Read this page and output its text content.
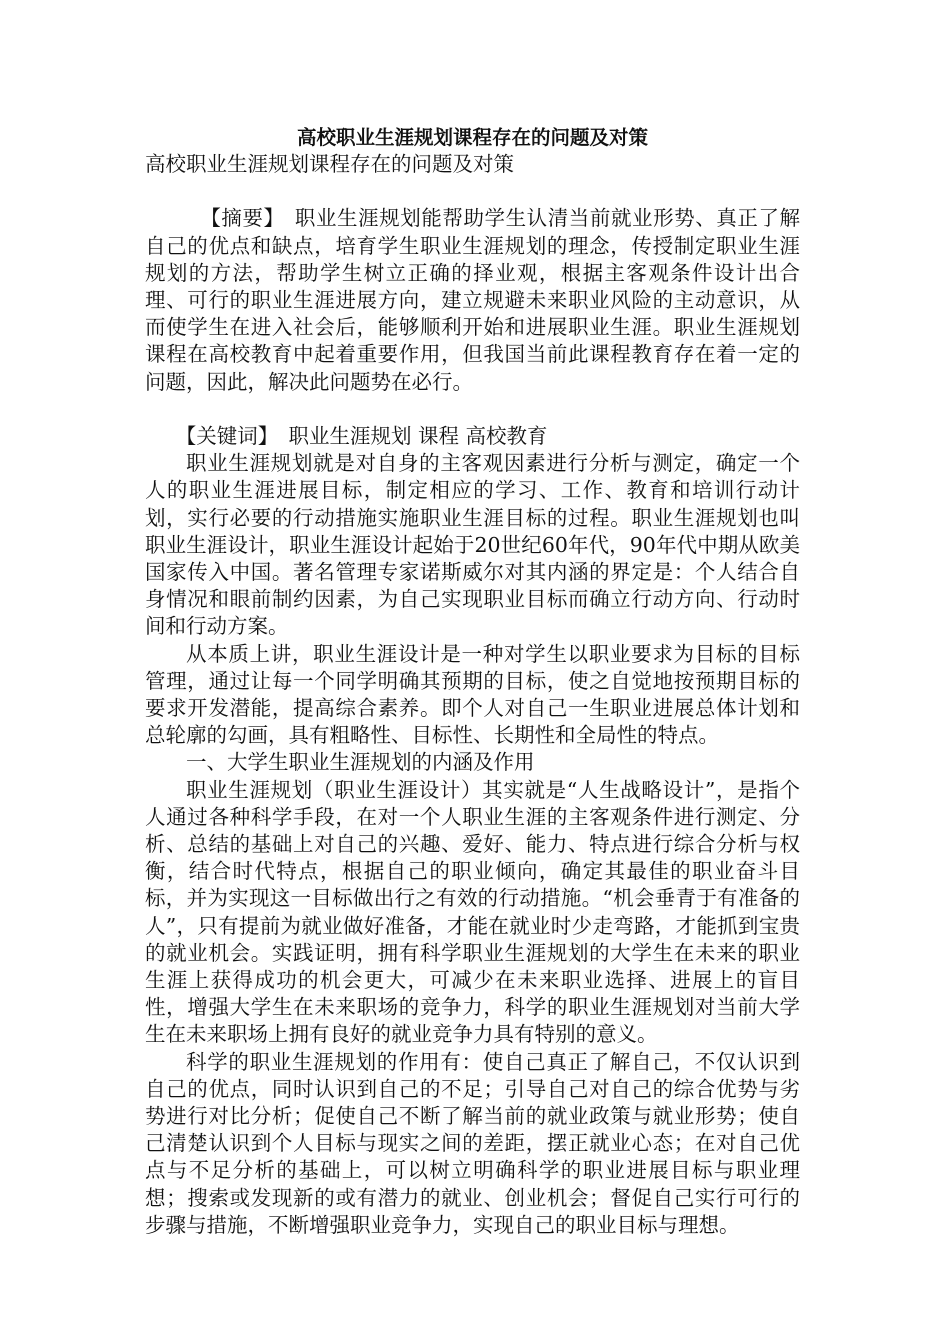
高校职业生涯规划课程存在的问题及对策

高校职业生涯规划课程存在的问题及对策

【摘要】 职业生涯规划能帮助学生认清当前就业形势、真正了解自己的优点和缺点，培育学生职业生涯规划的理念，传授制定职业生涯规划的方法，帮助学生树立正确的择业观，根据主客观条件设计出合理、可行的职业生涯进展方向，建立规避未来职业风险的主动意识，从而使学生在进入社会后，能够顺利开始和进展职业生涯。职业生涯规划课程在高校教育中起着重要作用，但我国当前此课程教育存在着一定的问题，因此，解决此问题势在必行。

【关键词】 职业生涯规划 课程 高校教育

职业生涯规划就是对自身的主客观因素进行分析与测定，确定一个人的职业生涯进展目标，制定相应的学习、工作、教育和培训行动计划，实行必要的行动措施实施职业生涯目标的过程。职业生涯规划也叫职业生涯设计，职业生涯设计起始于20世纪60年代，90年代中期从欧美国家传入中国。著名管理专家诺斯威尔对其内涵的界定是：个人结合自身情况和眼前制约因素，为自己实现职业目标而确立行动方向、行动时间和行动方案。

从本质上讲，职业生涯设计是一种对学生以职业要求为目标的目标管理，通过让每一个同学明确其预期的目标，使之自觉地按预期目标的要求开发潜能，提高综合素养。即个人对自己一生职业进展总体计划和总轮廓的勾画，具有粗略性、目标性、长期性和全局性的特点。

一、大学生职业生涯规划的内涵及作用

职业生涯规划（职业生涯设计）其实就是“人生战略设计”，是指个人通过各种科学手段，在对一个人职业生涯的主客观条件进行测定、分析、总结的基础上对自己的兴趣、爱好、能力、特点进行综合分析与权衡，结合时代特点，根据自己的职业倾向，确定其最佳的职业奋斗目标，并为实现这一目标做出行之有效的行动措施。“机会垂青于有准备的人”，只有提前为就业做好准备，才能在就业时少走弯路，才能抓到宝贵的就业机会。实践证明，拥有科学职业生涯规划的大学生在未来的职业生涯上获得成功的机会更大，可减少在未来职业选择、进展上的盲目性，增强大学生在未来职场的竞争力，科学的职业生涯规划对当前大学生在未来职场上拥有良好的就业竞争力具有特别的意义。

科学的职业生涯规划的作用有：使自己真正了解自己，不仅认识到自己的优点，同时认识到自己的不足；引导自己对自己的综合优势与劣势进行对比分析；促使自己不断了解当前的就业政策与就业形势；使自己清楚认识到个人目标与现实之间的差距，摆正就业心态；在对自己优点与不足分析的基础上，可以树立明确科学的职业进展目标与职业理想；搜索或发现新的或有潜力的就业、创业机会；督促自己实行可行的步骤与措施，不断增强职业竞争力，实现自己的职业目标与理想。
